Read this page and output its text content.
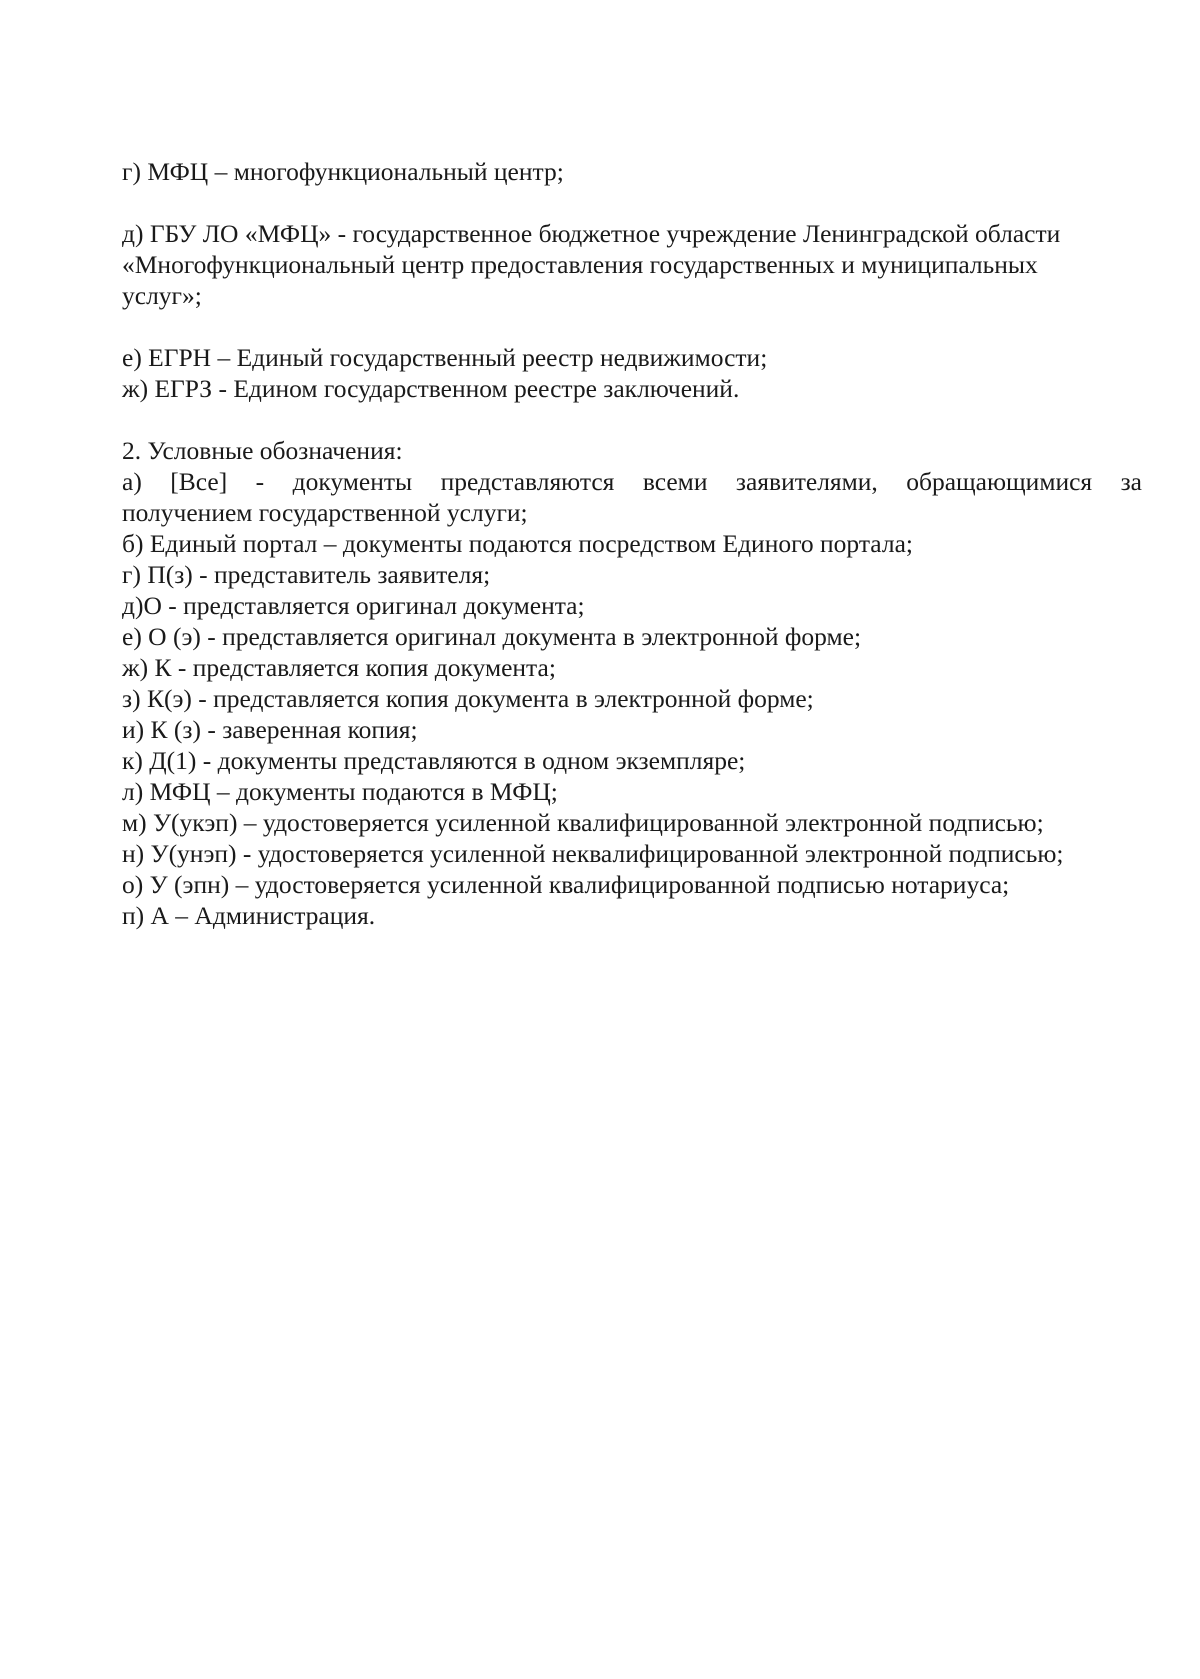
г) МФЦ – многофункциональный центр;

д) ГБУ ЛО «МФЦ» - государственное бюджетное учреждение Ленинградской области

«Многофункциональный центр предоставления государственных и муниципальных

услуг»;

е) ЕГРН – Единый государственный реестр недвижимости;

ж) ЕГРЗ - Едином государственном реестре заключений.

2. Условные обозначения:

а) [Все] - документы представляются всеми заявителями, обращающимися за

получением государственной услуги;

б) Единый портал – документы подаются посредством Единого портала;

г) П(з) - представитель заявителя;

д)О - представляется оригинал документа;

е) О (э) - представляется оригинал документа в электронной форме;

ж) К - представляется копия документа;

з) К(э) - представляется копия документа в электронной форме;

и) К (з) - заверенная копия;

к) Д(1) - документы представляются в одном экземпляре;

л) МФЦ – документы подаются в МФЦ;

м) У(укэп) – удостоверяется усиленной квалифицированной электронной подписью;

н) У(унэп) - удостоверяется усиленной неквалифицированной электронной подписью;

о) У (эпн) – удостоверяется усиленной квалифицированной подписью нотариуса;

п) А – Администрация.
